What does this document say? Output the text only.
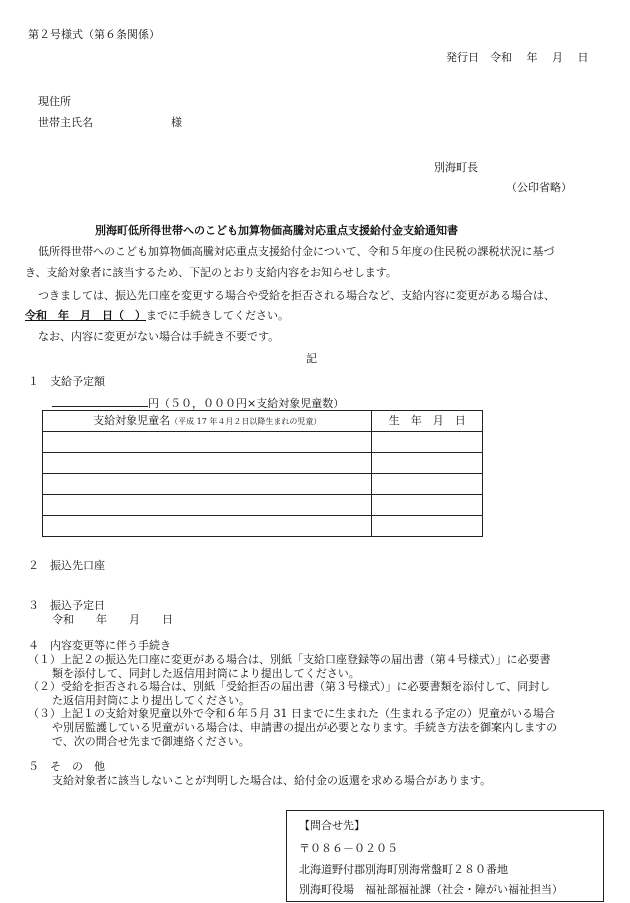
第２号様式（第６条関係）
発行日　令和　 年　 月　 日
現住所
世帯主氏名	様
別海町長
（公印省略）
別海町低所得世帯へのこども加算物価高騰対応重点支援給付金支給通知書
低所得世帯へのこども加算物価高騰対応重点支援給付金について、令和５年度の住民税の課税状況に基づ
き、支給対象者に該当するため、下記のとおり支給内容をお知らせします。
つきましては、振込先口座を変更する場合や受給を拒否される場合など、支給内容に変更がある場合は、
令和　年　月　日（　）までに手続きしてください。
なお、内容に変更がない場合は手続き不要です。
記
１　支給予定額
円（５０，０００円×支給対象児童数）
支給対象児童名（平成 17 年４月２日以降生まれの児童）	生　年　月　日

２　振込先口座
３　振込予定日
令和　　年　　月　　日
４　内容変更等に伴う手続き
（１）上記２の振込先口座に変更がある場合は、別紙「支給口座登録等の届出書（第４号様式）」に必要書
類を添付して、同封した返信用封筒により提出してください。
（２）受給を拒否される場合は、別紙「受給拒否の届出書（第３号様式）」に必要書類を添付して、同封し
た返信用封筒により提出してください。
（３）上記１の支給対象児童以外で令和６年５月 31 日までに生まれた（生まれる予定の）児童がいる場合
や別居監護している児童がいる場合は、申請書の提出が必要となります。手続き方法を御案内しますの
で、次の問合せ先まで御連絡ください。
５　そ　の　他
支給対象者に該当しないことが判明した場合は、給付金の返還を求める場合があります。
【問合せ先】
〒０８６－０２０５
北海道野付郡別海町別海常盤町２８０番地
別海町役場　福祉部福祉課（社会・障がい福祉担当）
